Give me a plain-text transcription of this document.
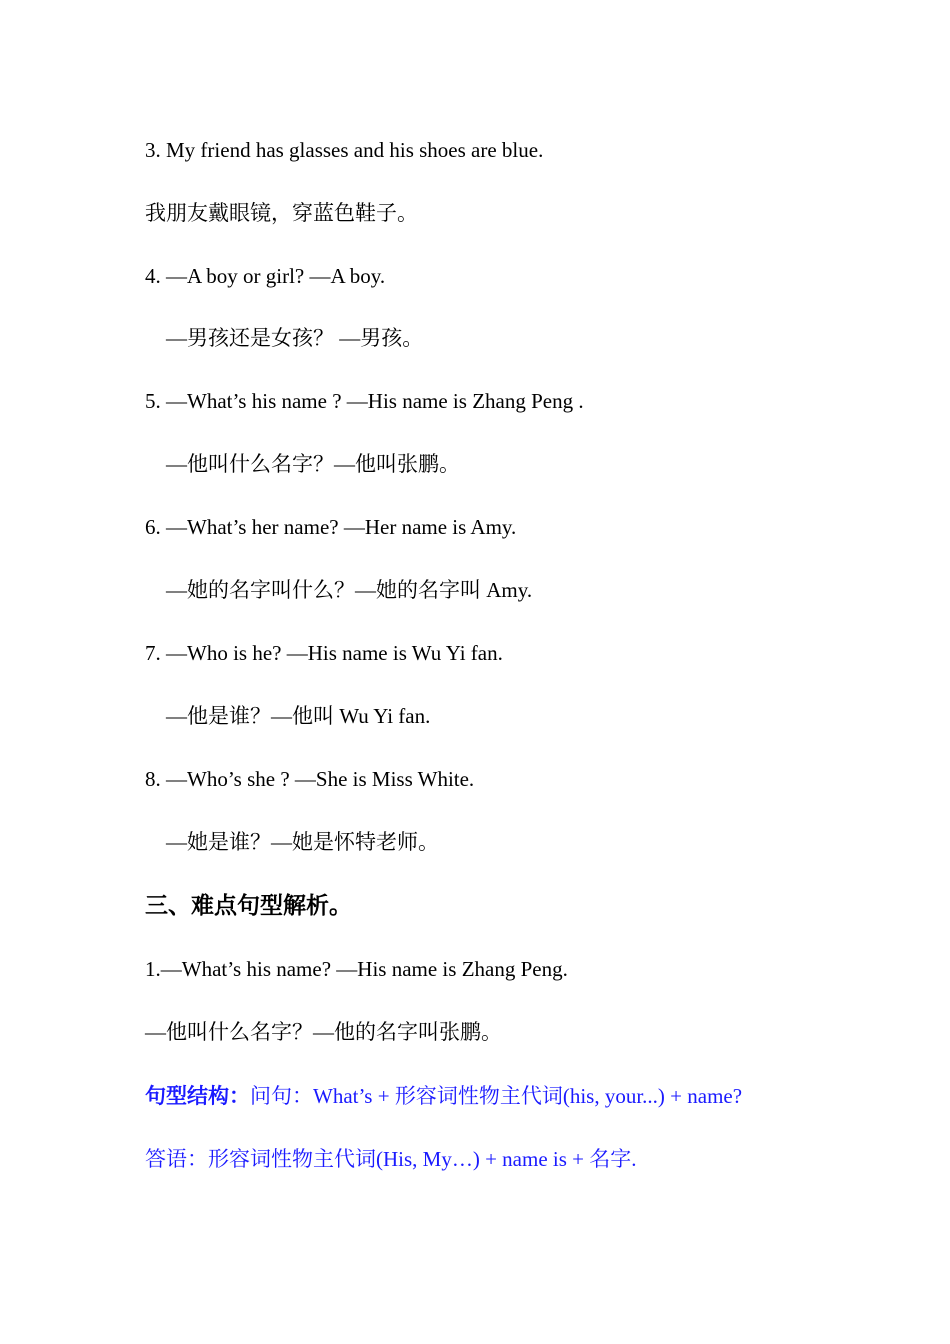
3. My friend has glasses and his shoes are blue.
我朋友戴眼镜，穿蓝色鞋子。
4. —A boy or girl? —A boy.
—男孩还是女孩？ —男孩。
5. —What’s his name ? —His name is Zhang Peng .
—他叫什么名字？—他叫张鹏。
6. —What’s her name? —Her name is Amy.
—她的名字叫什么？—她的名字叫 Amy.
7. —Who is he? —His name is Wu Yi fan.
—他是谁？—他叫 Wu Yi fan.
8. —Who’s she ? —She is Miss White.
—她是谁？—她是怀特老师。
三、难点句型解析。
1.—What’s his name? —His name is Zhang Peng.
—他叫什么名字？—他的名字叫张鹏。
句型结构：问句：What’s + 形容词性物主代词(his, your...) + name?
答语：形容词性物主代词(His, My…) + name is + 名字.
